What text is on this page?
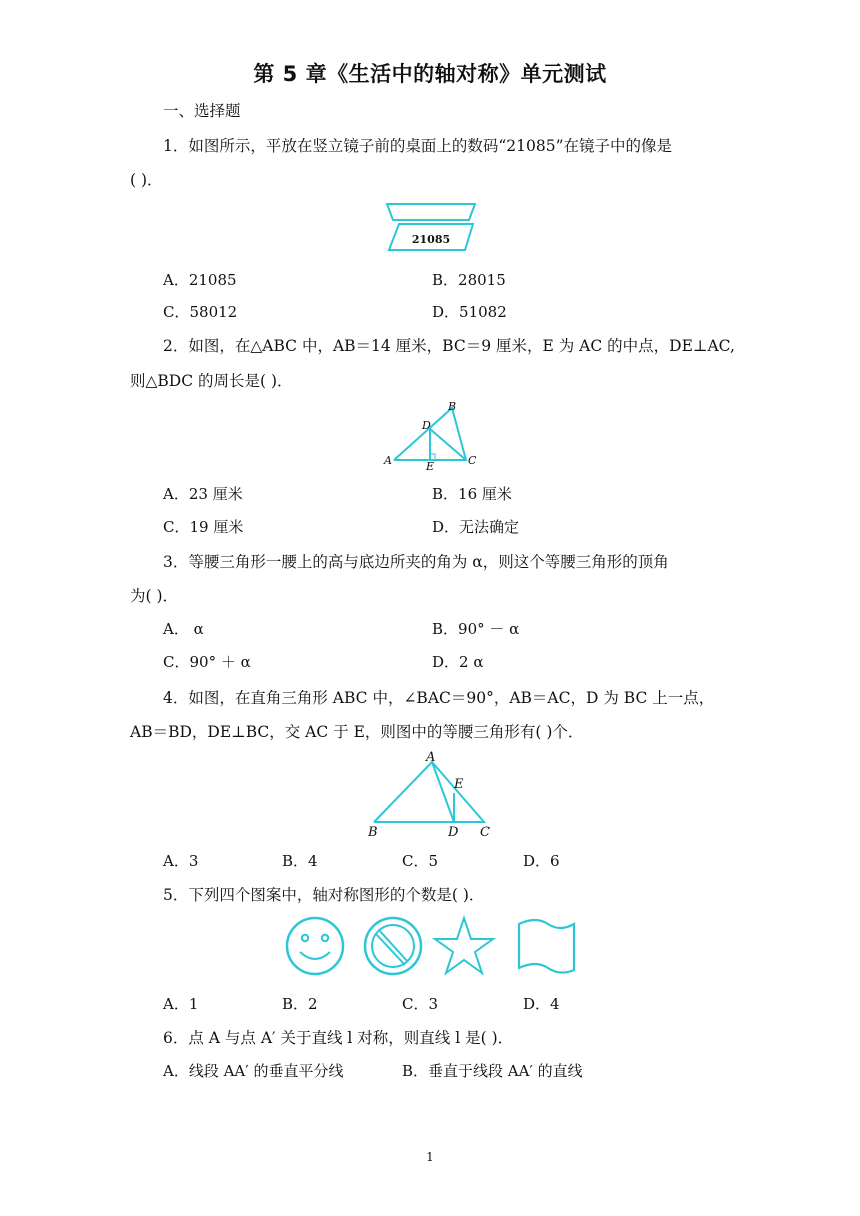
第 5 章《生活中的轴对称》单元测试
一、选择题
1．如图所示，平放在竖立镜子前的桌面上的数码“21085”在镜子中的像是
( )．
21085
A．21085	B．28015
C．58012	D．51082
2．如图，在△ABC 中，AB＝14 厘米，BC＝9 厘米，E 为 AC 的中点，DE⊥AC,
则△BDC 的周长是( )．
A
B
C
D
E
A．23 厘米	B．16 厘米
C．19 厘米	D．无法确定
3．等腰三角形一腰上的高与底边所夹的角为 α，则这个等腰三角形的顶角
为( )．
A． α	B．90° － α
C．90° ＋ α	D．2 α
4．如图，在直角三角形 ABC 中，∠BAC＝90°，AB＝AC，D 为 BC 上一点，
AB＝BD，DE⊥BC，交 AC 于 E，则图中的等腰三角形有( )个．
A
E
B	D C
A．3	B．4	C．5	D．6
5．下列四个图案中，轴对称图形的个数是( )．
A．1	B．2	C．3	D．4
6．点 A 与点 A′ 关于直线 l 对称，则直线 l 是( )．
A．线段 AA′ 的垂直平分线	B．垂直于线段 AA′ 的直线
1
